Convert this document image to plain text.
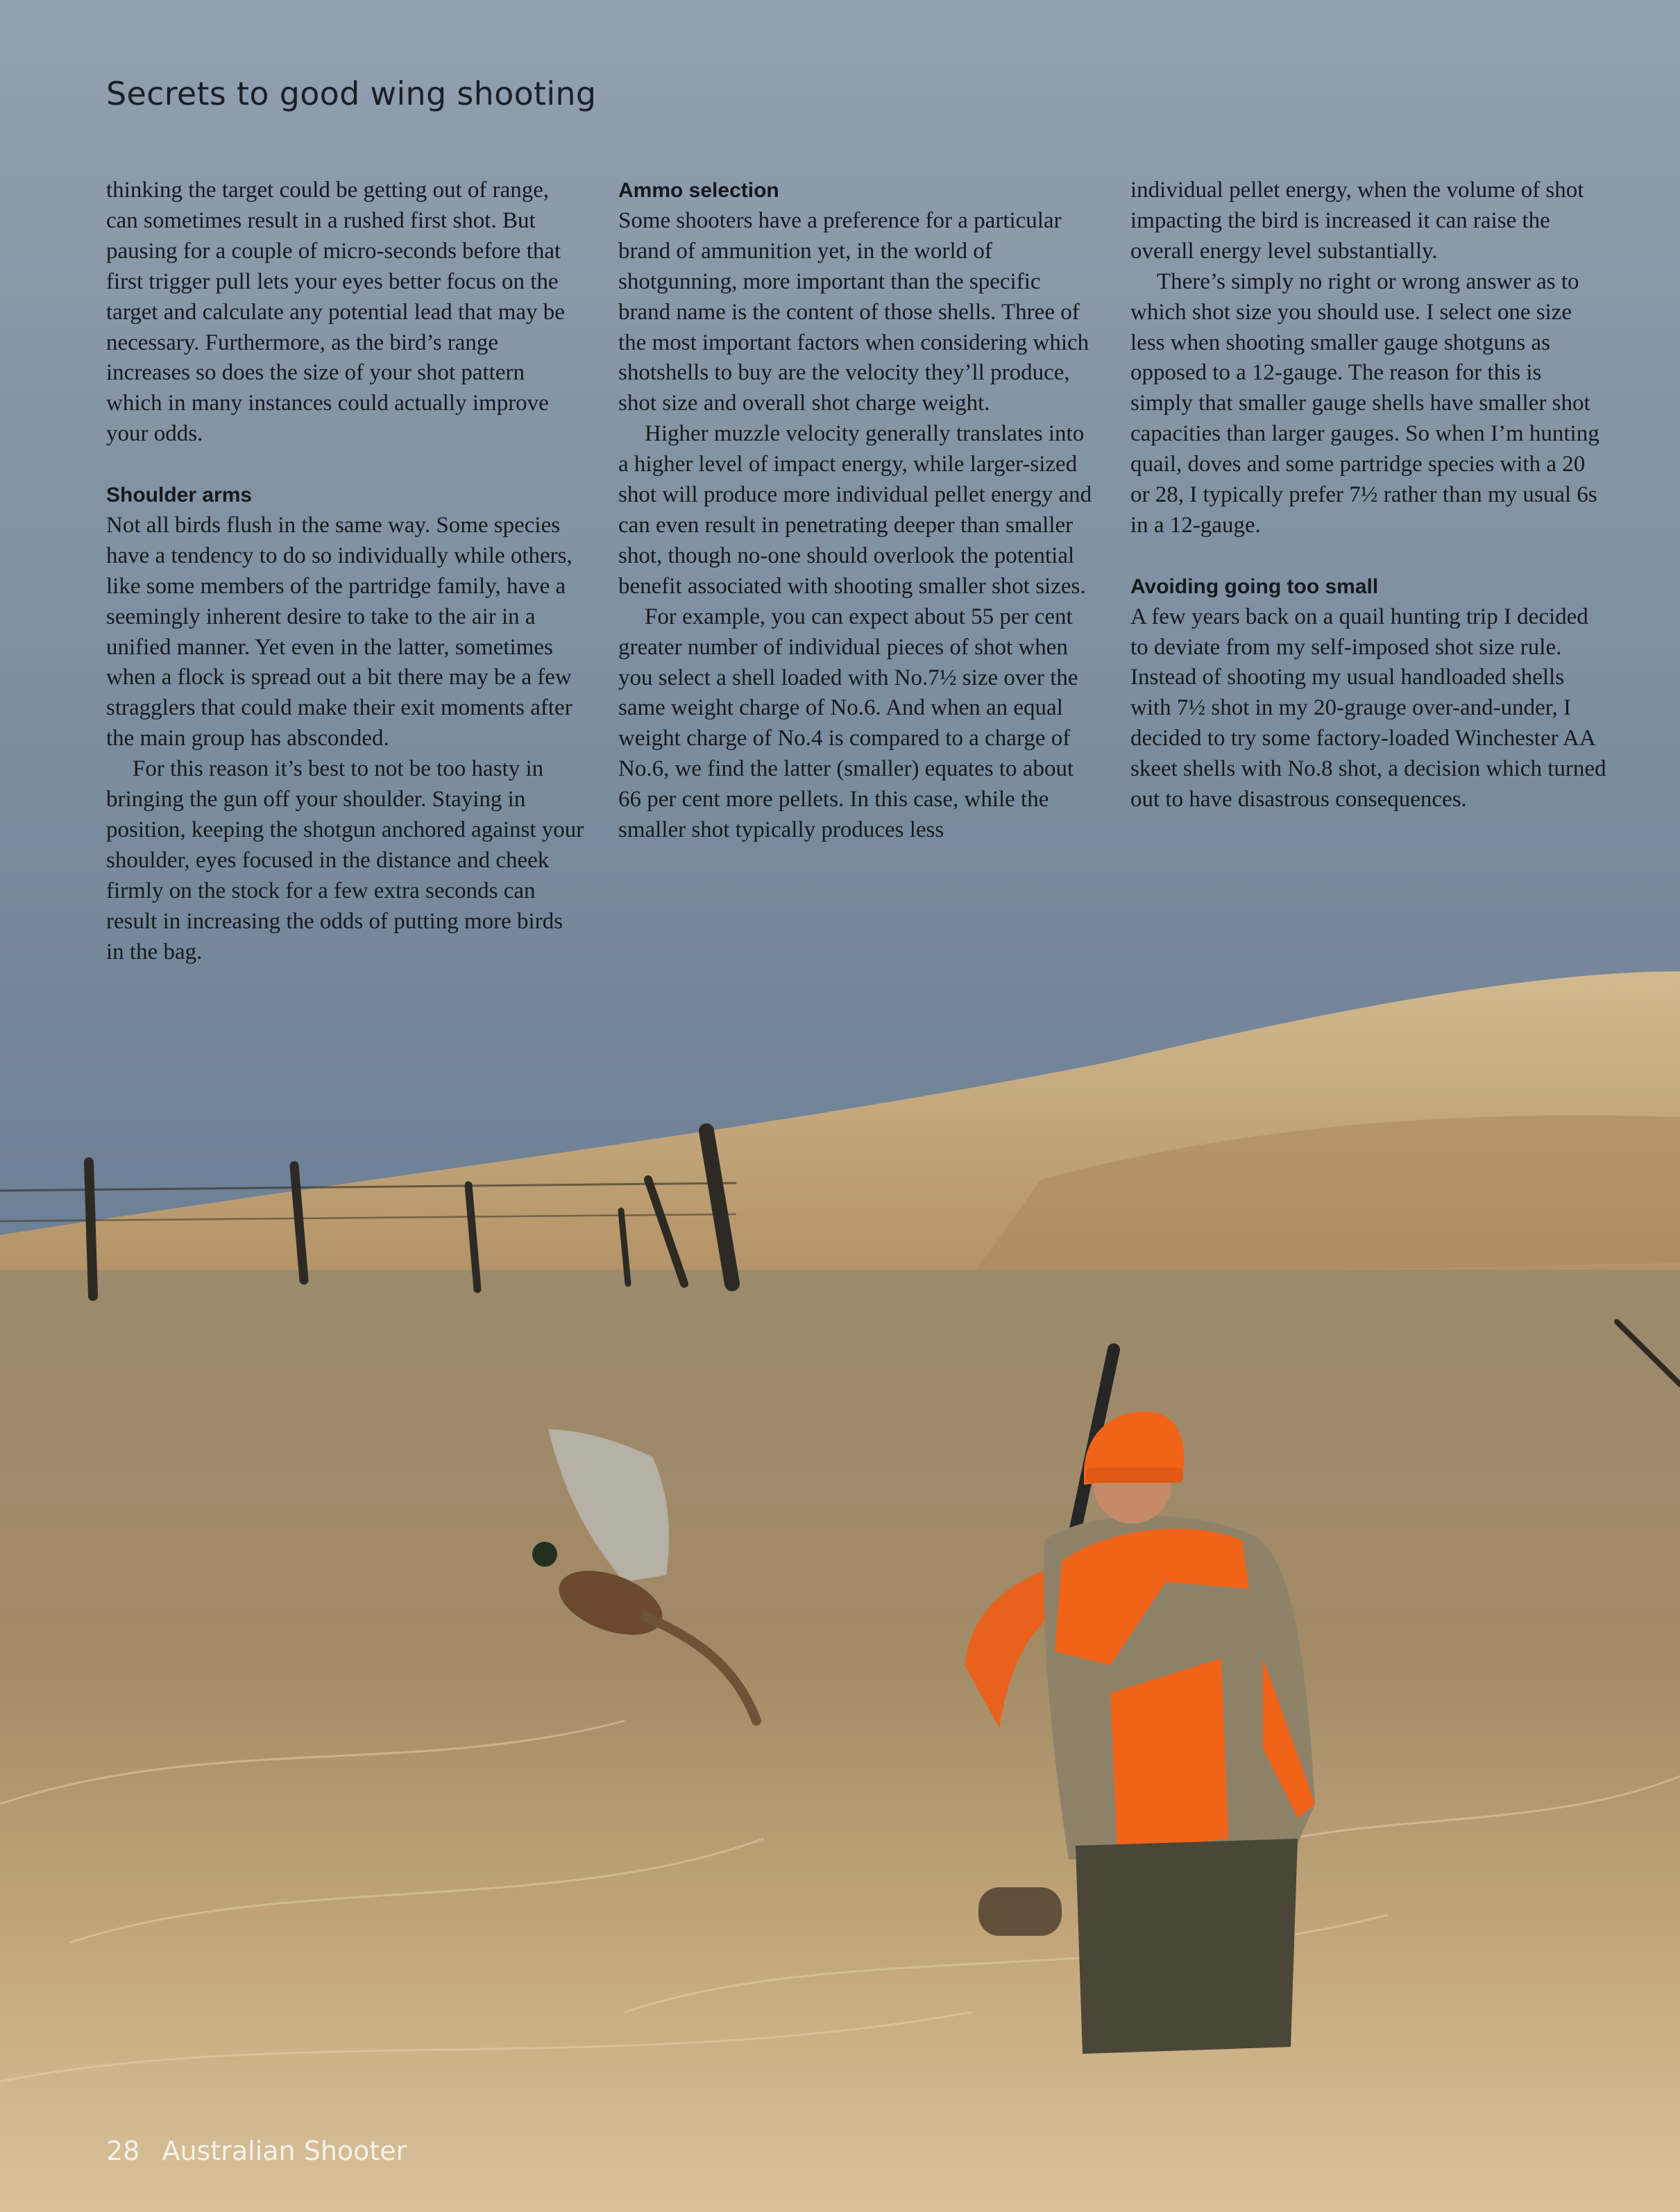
Secrets to good wing shooting

thinking the target could be getting out of range, can sometimes result in a rushed first shot. But pausing for a couple of micro-seconds before that first trigger pull lets your eyes better focus on the target and calculate any potential lead that may be necessary. Furthermore, as the bird’s range increases so does the size of your shot pattern which in many instances could actually improve your odds.

Shoulder arms

Not all birds flush in the same way. Some species have a tendency to do so individually while others, like some members of the partridge family, have a seemingly inherent desire to take to the air in a unified manner. Yet even in the latter, sometimes when a flock is spread out a bit there may be a few stragglers that could make their exit moments after the main group has absconded.

For this reason it’s best to not be too hasty in bringing the gun off your shoulder. Staying in position, keeping the shotgun anchored against your shoulder, eyes focused in the distance and cheek firmly on the stock for a few extra seconds can result in increasing the odds of putting more birds in the bag.

Ammo selection

Some shooters have a preference for a particular brand of ammunition yet, in the world of shotgunning, more important than the specific brand name is the content of those shells. Three of the most important factors when considering which shotshells to buy are the velocity they’ll produce, shot size and overall shot charge weight.

Higher muzzle velocity generally translates into a higher level of impact energy, while larger-sized shot will produce more individual pellet energy and can even result in penetrating deeper than smaller shot, though no-one should overlook the potential benefit associated with shooting smaller shot sizes.

For example, you can expect about 55 per cent greater number of individual pieces of shot when you select a shell loaded with No.7½ size over the same weight charge of No.6. And when an equal weight charge of No.4 is compared to a charge of No.6, we find the latter (smaller) equates to about 66 per cent more pellets. In this case, while the smaller shot typically produces less

individual pellet energy, when the volume of shot impacting the bird is increased it can raise the overall energy level substantially.

There’s simply no right or wrong answer as to which shot size you should use. I select one size less when shooting smaller gauge shotguns as opposed to a 12-gauge. The reason for this is simply that smaller gauge shells have smaller shot capacities than larger gauges. So when I’m hunting quail, doves and some partridge species with a 20 or 28, I typically prefer 7½ rather than my usual 6s in a 12-gauge.

Avoiding going too small

A few years back on a quail hunting trip I decided to deviate from my self-imposed shot size rule. Instead of shooting my usual handloaded shells with 7½ shot in my 20-grauge over-and-under, I decided to try some factory-loaded Winchester AA skeet shells with No.8 shot, a decision which turned out to have disastrous consequences.

28 Australian Shooter
